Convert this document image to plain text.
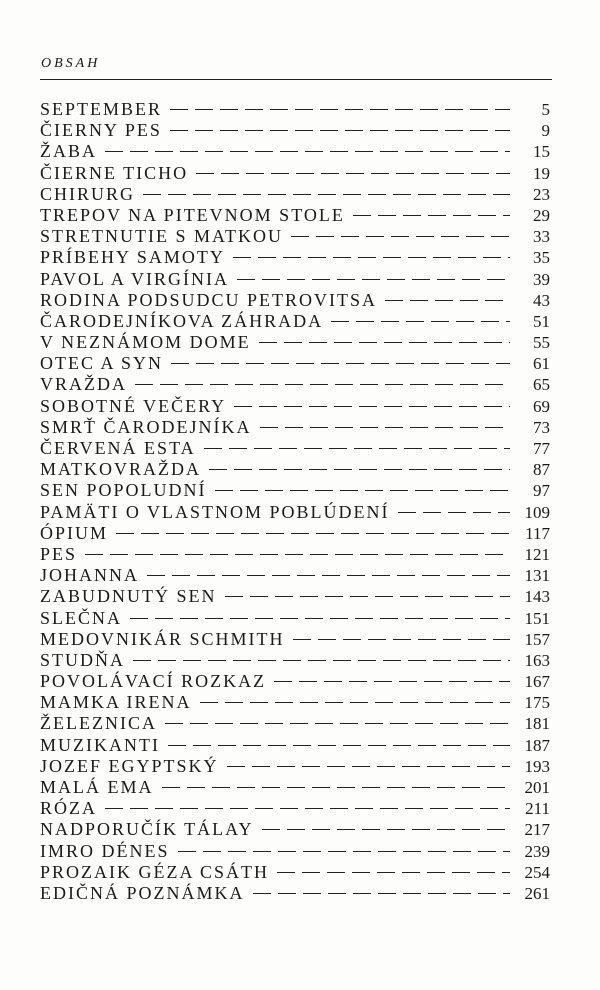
OBSAH
SEPTEMBER	5
ČIERNY PES	9
ŽABA	15
ČIERNE TICHO	19
CHIRURG	23
TREPOV NA PITEVNOM STOLE	29
STRETNUTIE S MATKOU	33
PRÍBEHY SAMOTY	35
PAVOL A VIRGÍNIA	39
RODINA PODSUDCU PETROVITSA	43
ČARODEJNÍKOVA ZÁHRADA	51
V NEZNÁMOM DOME	55
OTEC A SYN	61
VRAŽDA	65
SOBOTNÉ VEČERY	69
SMRŤ ČARODEJNÍKA	73
ČERVENÁ ESTA	77
MATKOVRAŽDA	87
SEN POPOLUDNÍ	97
PAMÄTI O VLASTNOM POBLÚDENÍ	109
ÓPIUM	117
PES	121
JOHANNA	131
ZABUDNUTÝ SEN	143
SLEČNA	151
MEDOVNIKÁR SCHMITH	157
STUDŇA	163
POVOLÁVACÍ ROZKAZ	167
MAMKA IRENA	175
ŽELEZNICA	181
MUZIKANTI	187
JOZEF EGYPTSKÝ	193
MALÁ EMA	201
RÓZA	211
NADPORUČÍK TÁLAY	217
IMRO DÉNES	239
PROZAIK GÉZA CSÁTH	254
EDIČNÁ POZNÁMKA	261
